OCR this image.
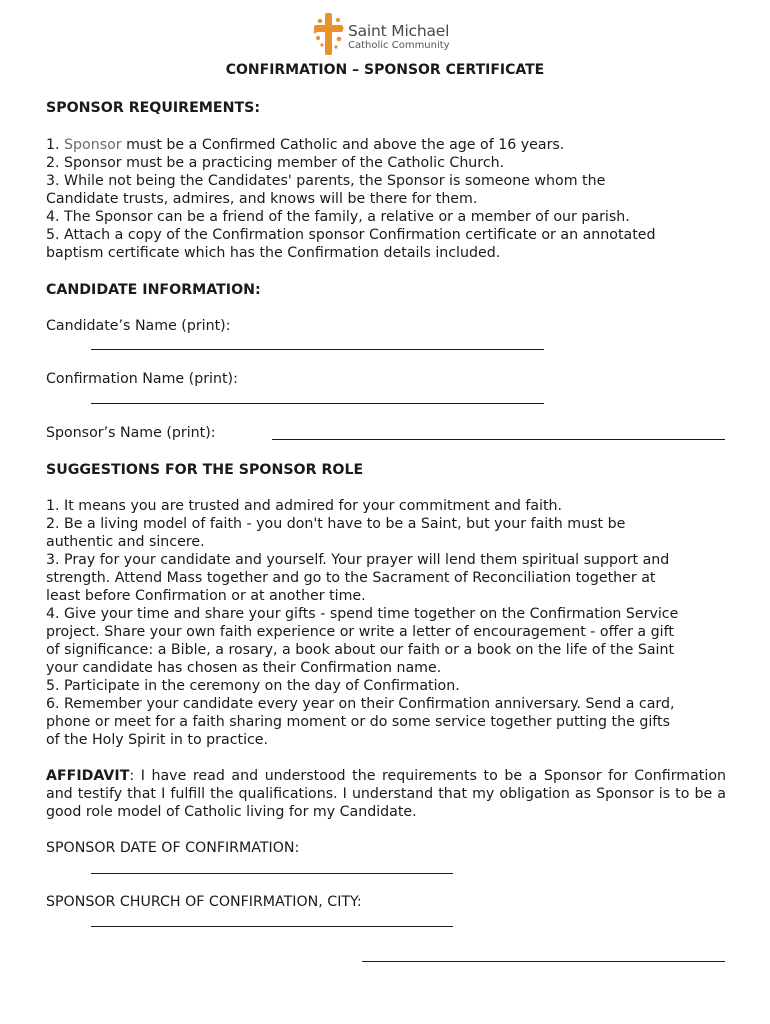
Saint Michael
Catholic Community
CONFIRMATION – SPONSOR CERTIFICATE
SPONSOR REQUIREMENTS:
1. Sponsor must be a Confirmed Catholic and above the age of 16 years.
2. Sponsor must be a practicing member of the Catholic Church.
3. While not being the Candidates' parents, the Sponsor is someone whom the
Candidate trusts, admires, and knows will be there for them.
4. The Sponsor can be a friend of the family, a relative or a member of our parish.
5. Attach a copy of the Confirmation sponsor Confirmation certificate or an annotated
baptism certificate which has the Confirmation details included.
CANDIDATE INFORMATION:
Candidate’s Name (print):
Confirmation Name (print):
Sponsor’s Name (print):
SUGGESTIONS FOR THE SPONSOR ROLE
1. It means you are trusted and admired for your commitment and faith.
2. Be a living model of faith - you don't have to be a Saint, but your faith must be
authentic and sincere.
3. Pray for your candidate and yourself. Your prayer will lend them spiritual support and
strength. Attend Mass together and go to the Sacrament of Reconciliation together at
least before Confirmation or at another time.
4. Give your time and share your gifts - spend time together on the Confirmation Service
project. Share your own faith experience or write a letter of encouragement - offer a gift
of significance: a Bible, a rosary, a book about our faith or a book on the life of the Saint
your candidate has chosen as their Confirmation name.
5. Participate in the ceremony on the day of Confirmation.
6. Remember your candidate every year on their Confirmation anniversary. Send a card,
phone or meet for a faith sharing moment or do some service together putting the gifts
of the Holy Spirit in to practice.
AFFIDAVIT: I have read and understood the requirements to be a Sponsor for Confirmation and testify that I fulfill the qualifications. I understand that my obligation as Sponsor is to be a good role model of Catholic living for my Candidate.
SPONSOR DATE OF CONFIRMATION:
SPONSOR CHURCH OF CONFIRMATION, CITY:
